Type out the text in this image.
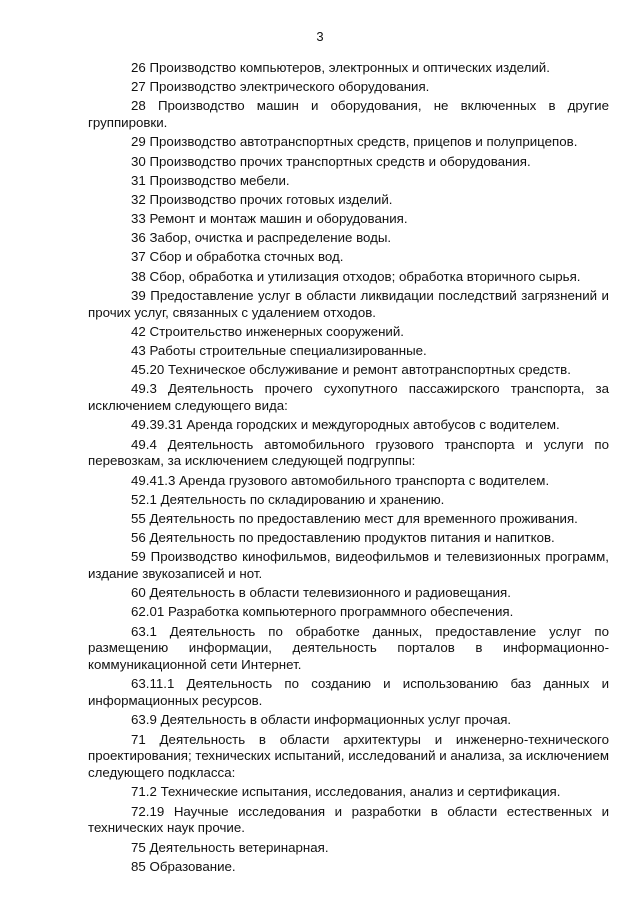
3

26 Производство компьютеров, электронных и оптических изделий.

27 Производство электрического оборудования.

28 Производство машин и оборудования, не включенных в другие группировки.

29 Производство автотранспортных средств, прицепов и полуприцепов.

30 Производство прочих транспортных средств и оборудования.

31 Производство мебели.

32 Производство прочих готовых изделий.

33 Ремонт и монтаж машин и оборудования.

36 Забор, очистка и распределение воды.

37 Сбор и обработка сточных вод.

38 Сбор, обработка и утилизация отходов; обработка вторичного сырья.

39 Предоставление услуг в области ликвидации последствий загрязнений и прочих услуг, связанных с удалением отходов.

42 Строительство инженерных сооружений.

43 Работы строительные специализированные.

45.20 Техническое обслуживание и ремонт автотранспортных средств.

49.3 Деятельность прочего сухопутного пассажирского транспорта, за исключением следующего вида:

49.39.31 Аренда городских и междугородных автобусов с водителем.

49.4 Деятельность автомобильного грузового транспорта и услуги по перевозкам, за исключением следующей подгруппы:

49.41.3 Аренда грузового автомобильного транспорта с водителем.

52.1 Деятельность по складированию и хранению.

55 Деятельность по предоставлению мест для временного проживания.

56 Деятельность по предоставлению продуктов питания и напитков.

59 Производство кинофильмов, видеофильмов и телевизионных программ, издание звукозаписей и нот.

60 Деятельность в области телевизионного и радиовещания.

62.01 Разработка компьютерного программного обеспечения.

63.1 Деятельность по обработке данных, предоставление услуг по размещению информации, деятельность порталов в информационно-коммуникационной сети Интернет.

63.11.1 Деятельность по созданию и использованию баз данных и информационных ресурсов.

63.9 Деятельность в области информационных услуг прочая.

71 Деятельность в области архитектуры и инженерно-технического проектирования; технических испытаний, исследований и анализа, за исключением следующего подкласса:

71.2 Технические испытания, исследования, анализ и сертификация.

72.19 Научные исследования и разработки в области естественных и технических наук прочие.

75 Деятельность ветеринарная.

85 Образование.
